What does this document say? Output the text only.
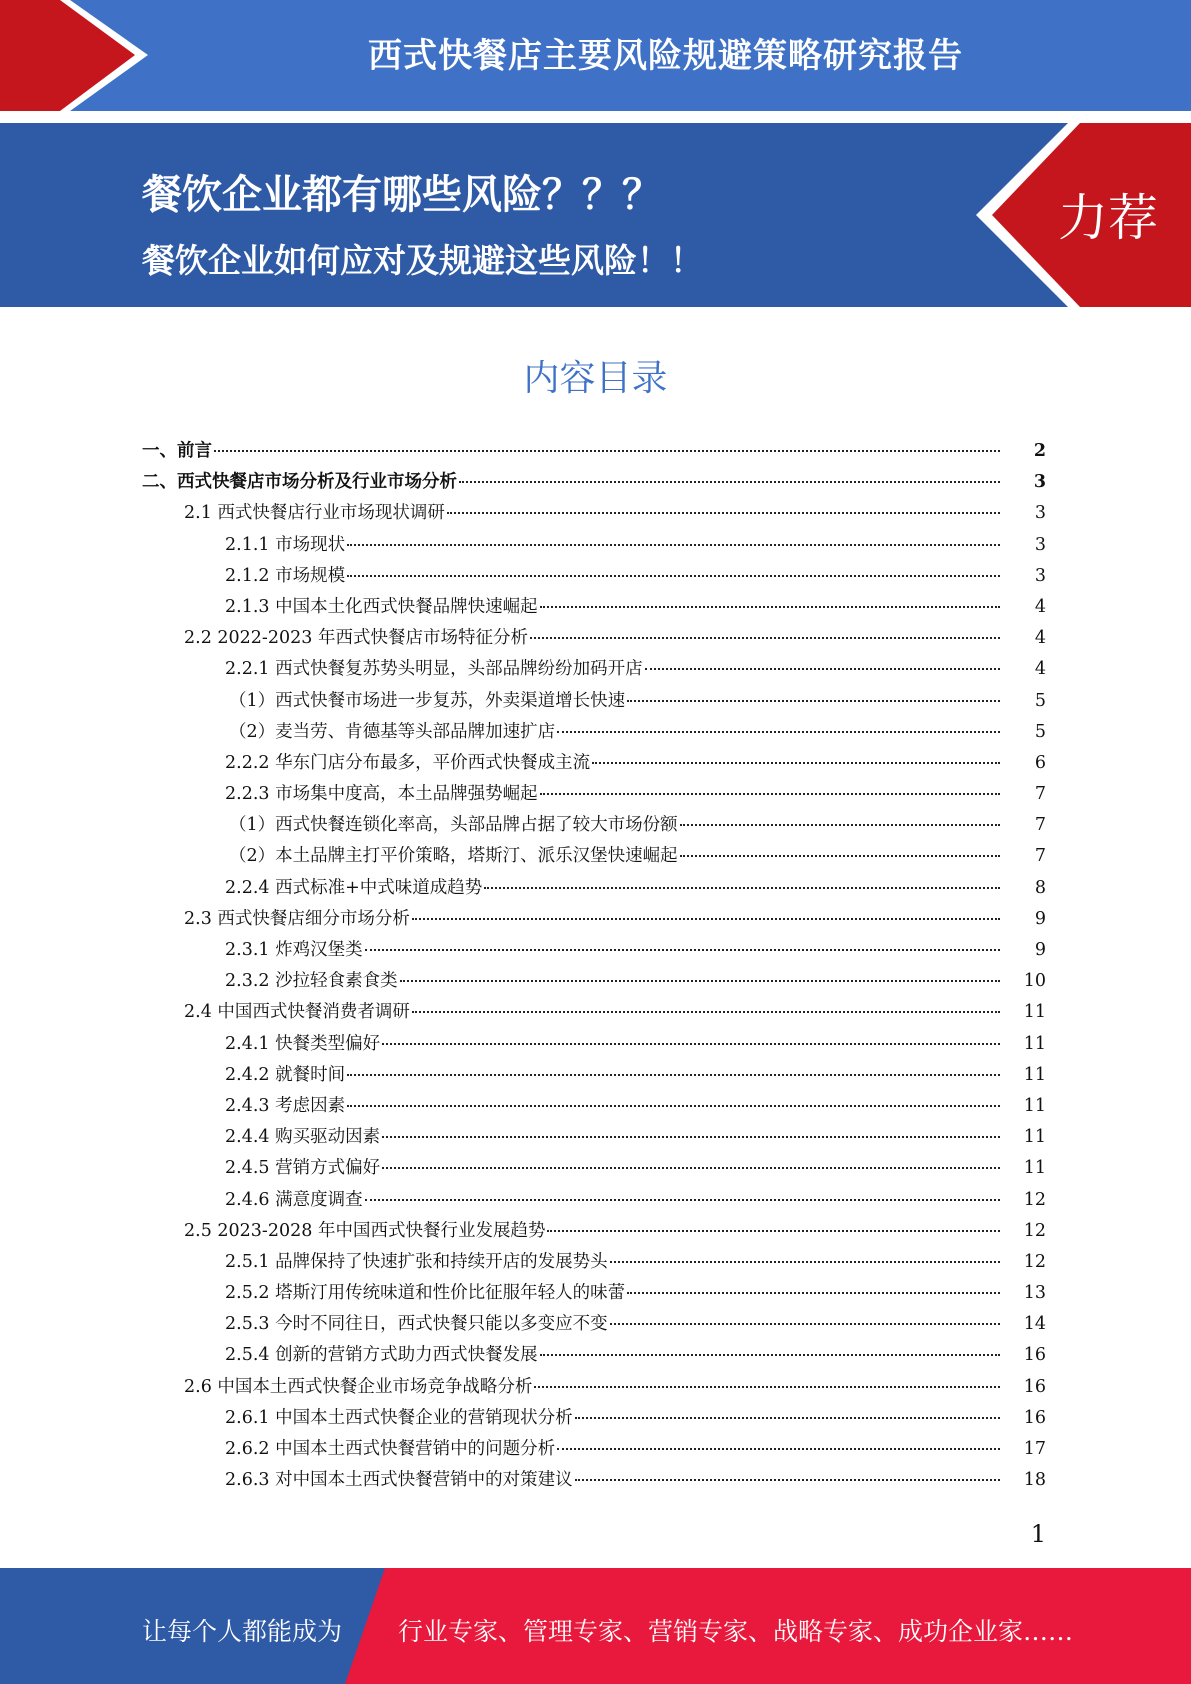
西式快餐店主要风险规避策略研究报告
餐饮企业都有哪些风险？？？
餐饮企业如何应对及规避这些风险！！
力荐
内容目录
一、前言	2
二、西式快餐店市场分析及行业市场分析	3
2.1 西式快餐店行业市场现状调研	3
2.1.1 市场现状	3
2.1.2 市场规模	3
2.1.3 中国本土化西式快餐品牌快速崛起	4
2.2 2022-2023 年西式快餐店市场特征分析	4
2.2.1 西式快餐复苏势头明显，头部品牌纷纷加码开店	4
（1）西式快餐市场进一步复苏，外卖渠道增长快速	5
（2）麦当劳、肯德基等头部品牌加速扩店	5
2.2.2 华东门店分布最多，平价西式快餐成主流	6
2.2.3 市场集中度高，本土品牌强势崛起	7
（1）西式快餐连锁化率高，头部品牌占据了较大市场份额	7
（2）本土品牌主打平价策略，塔斯汀、派乐汉堡快速崛起	7
2.2.4 西式标准+中式味道成趋势	8
2.3 西式快餐店细分市场分析	9
2.3.1 炸鸡汉堡类	9
2.3.2 沙拉轻食素食类	10
2.4 中国西式快餐消费者调研	11
2.4.1 快餐类型偏好	11
2.4.2 就餐时间	11
2.4.3 考虑因素	11
2.4.4 购买驱动因素	11
2.4.5 营销方式偏好	11
2.4.6 满意度调查	12
2.5 2023-2028 年中国西式快餐行业发展趋势	12
2.5.1 品牌保持了快速扩张和持续开店的发展势头	12
2.5.2 塔斯汀用传统味道和性价比征服年轻人的味蕾	13
2.5.3 今时不同往日，西式快餐只能以多变应不变	14
2.5.4 创新的营销方式助力西式快餐发展	16
2.6 中国本土西式快餐企业市场竞争战略分析	16
2.6.1 中国本土西式快餐企业的营销现状分析	16
2.6.2 中国本土西式快餐营销中的问题分析	17
2.6.3 对中国本土西式快餐营销中的对策建议	18
1
让每个人都能成为 行业专家、管理专家、营销专家、战略专家、成功企业家……
